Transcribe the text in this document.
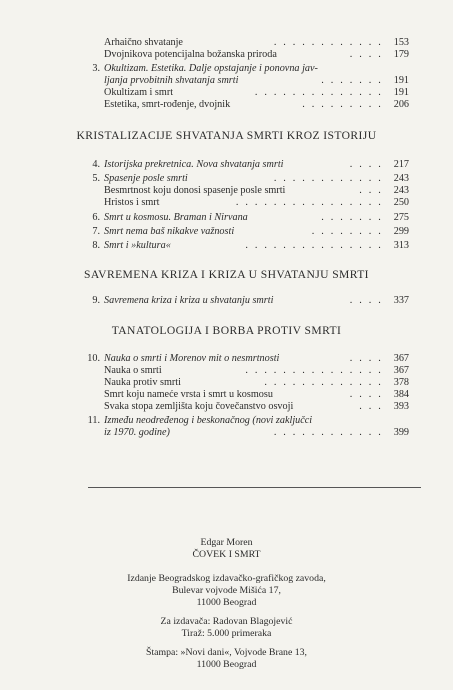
Arhaično shvatanje	. . . . . . . . . . . .	153
Dvojnikova potencijalna božanska priroda	. . . .	179
3. Okultizam. Estetika. Dalje opstajanje i ponovna jav-
ljanja prvobitnih shvatanja smrti	. . . . . . .	191
Okultizam i smrt	. . . . . . . . . . . . . .	191
Estetika, smrt-rođenje, dvojnik	. . . . . . . . .	206
KRISTALIZACIJE SHVATANJA SMRTI KROZ ISTORIJU
4. Istorijska prekretnica. Nova shvatanja smrti	. . . .	217
5. Spasenje posle smrti	. . . . . . . . . . . .	243
Besmrtnost koju donosi spasenje posle smrti	. . .	243
Hristos i smrt	. . . . . . . . . . . . . . . .	250
6. Smrt u kosmosu. Braman i Nirvana	. . . . . . .	275
7. Smrt nema baš nikakve važnosti	. . . . . . . .	299
8. Smrt i »kultura«	. . . . . . . . . . . . . . .	313
SAVREMENA KRIZA I KRIZA U SHVATANJU SMRTI
9. Savremena kriza i kriza u shvatanju smrti	. . . .	337
TANATOLOGIJA I BORBA PROTIV SMRTI
10. Nauka o smrti i Morenov mit o nesmrtnosti	. . . .	367
Nauka o smrti	. . . . . . . . . . . . . . .	367
Nauka protiv smrti	. . . . . . . . . . . . .	378
Smrt koju nameće vrsta i smrt u kosmosu	. . . .	384
Svaka stopa zemljišta koju čovečanstvo osvoji	. . .	393
11. Između neodređenog i beskonačnog (novi zaključci
iz 1970. godine)	. . . . . . . . . . . .	399
Edgar Moren
ČOVEK I SMRT
Izdanje Beogradskog izdavačko-grafičkog zavoda,
Bulevar vojvode Mišića 17,
11000 Beograd
Za izdavača: Radovan Blagojević
Tiraž: 5.000 primeraka
Štampa: »Novi dani«, Vojvode Brane 13,
11000 Beograd
